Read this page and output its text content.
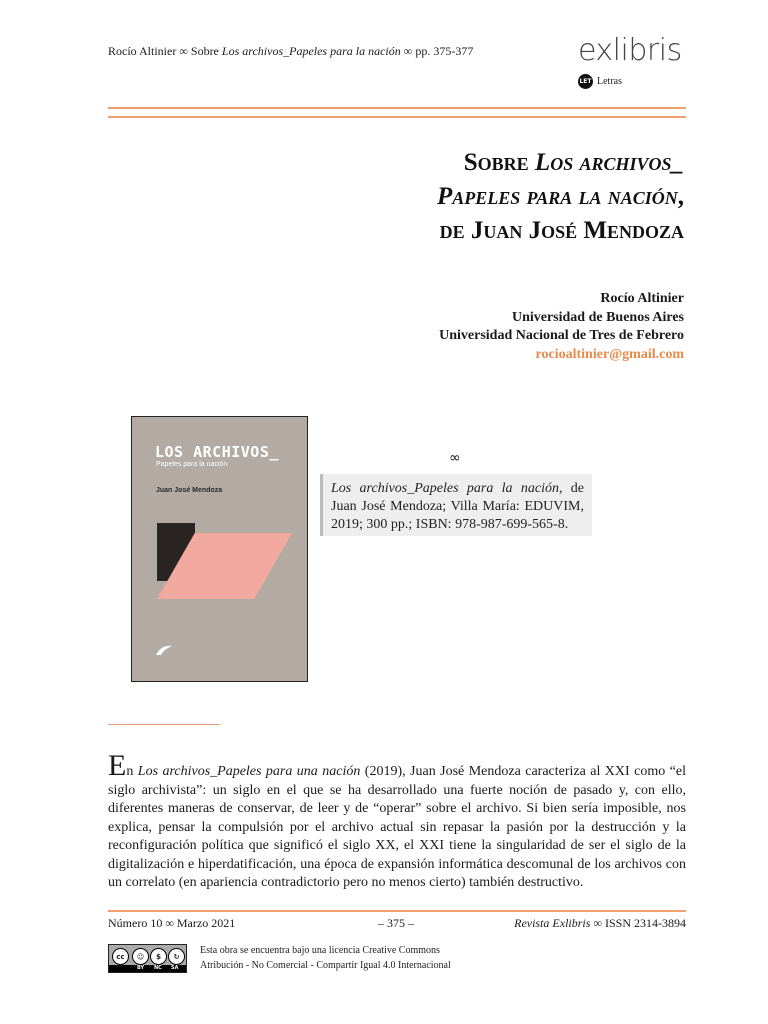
Rocío Altinier ∞ Sobre Los archivos_Papeles para la nación ∞ pp. 375-377	exlibris
LET Letras
Sobre Los archivos_
Papeles para la nación,
de Juan José Mendoza
Rocío Altinier
Universidad de Buenos Aires
Universidad Nacional de Tres de Febrero
rocioaltinier@gmail.com
LOS ARCHIVOS_
Papeles para la nación
Juan José Mendoza
∞
Los archivos_Papeles para la nación, de Juan José Mendoza; Villa María: EDUVIM, 2019; 300 pp.; ISBN: 978-987-699-565-8.
En Los archivos_Papeles para una nación (2019), Juan José Mendoza caracteriza al XXI como “el siglo archivista”: un siglo en el que se ha desarrollado una fuerte noción de pasado y, con ello, diferentes maneras de conservar, de leer y de “operar” sobre el archivo. Si bien sería imposible, nos explica, pensar la compulsión por el archivo actual sin repasar la pasión por la destrucción y la reconfiguración política que significó el siglo XX, el XXI tiene la singularidad de ser el siglo de la digitalización e hiperdatificación, una época de expansión informática descomunal de los archivos con un correlato (en apariencia contradictorio pero no menos cierto) también destructivo.
Número 10 ∞ Marzo 2021	– 375 –	Revista Exlibris ∞ ISSN 2314-3894
cc	☺	$	↻
BY NC SA
Esta obra se encuentra bajo una licencia Creative Commons
Atribución - No Comercial - Compartir Igual 4.0 Internacional
